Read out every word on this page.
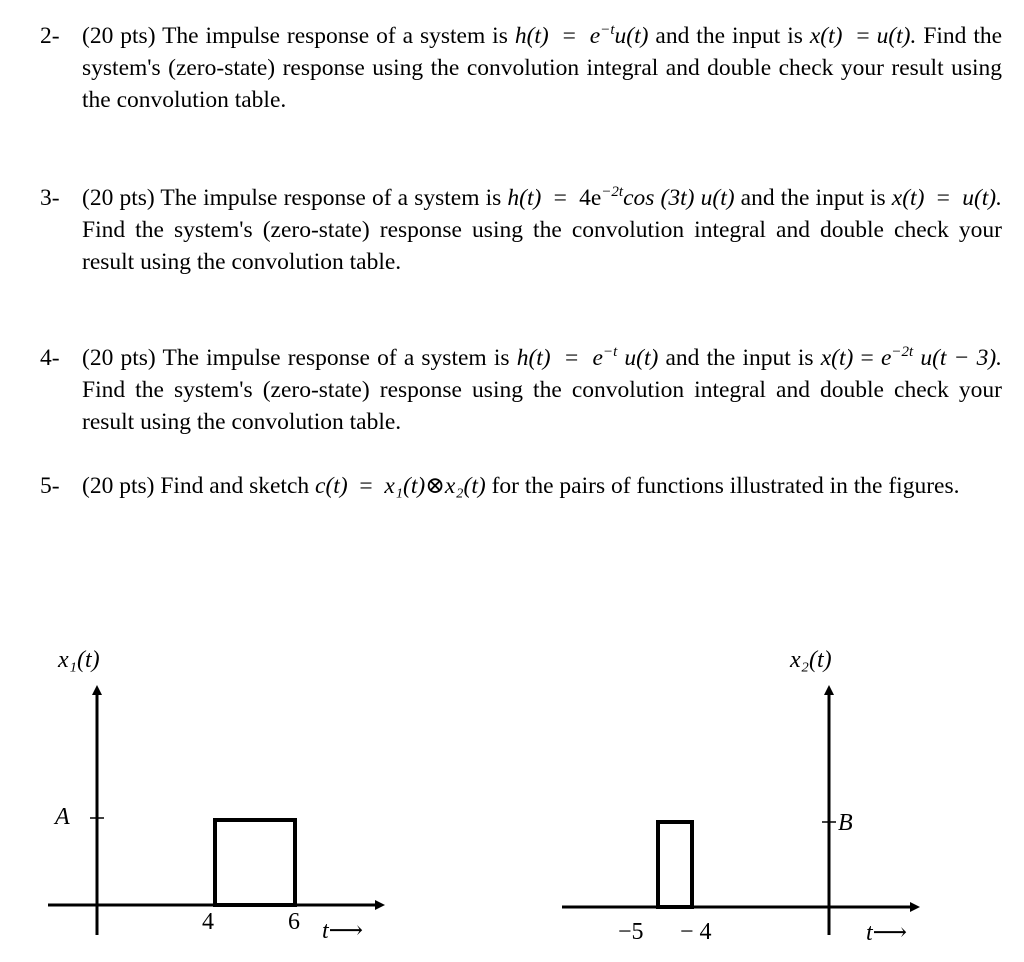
2- (20 pts) The impulse response of a system is $h(t) = e^{-t}u(t)$ and the input is x(t) = u(t). Find the system's (zero-state) response using the convolution integral and double check your result using the convolution table.
3- (20 pts) The impulse response of a system is $h(t) = 4e^{-2t}\cos$ (3t) u(t) and the input is x(t) = u(t). Find the system's (zero-state) response using the convolution integral and double check your result using the convolution table.
4- (20 pts) The impulse response of a system is $h(t) = e^{-t}$ u(t) and the input is $x(t) = e^{-2t}$ u(t − 3). Find the system's (zero-state) response using the convolution integral and double check your result using the convolution table.
5- (20 pts) Find and sketch c(t) = x₁(t)⊗x₂(t) for the pairs of functions illustrated in the figures.
x₁(t)
A
4	6 t⟶
x₂(t)
B
−5 − 4	t⟶
